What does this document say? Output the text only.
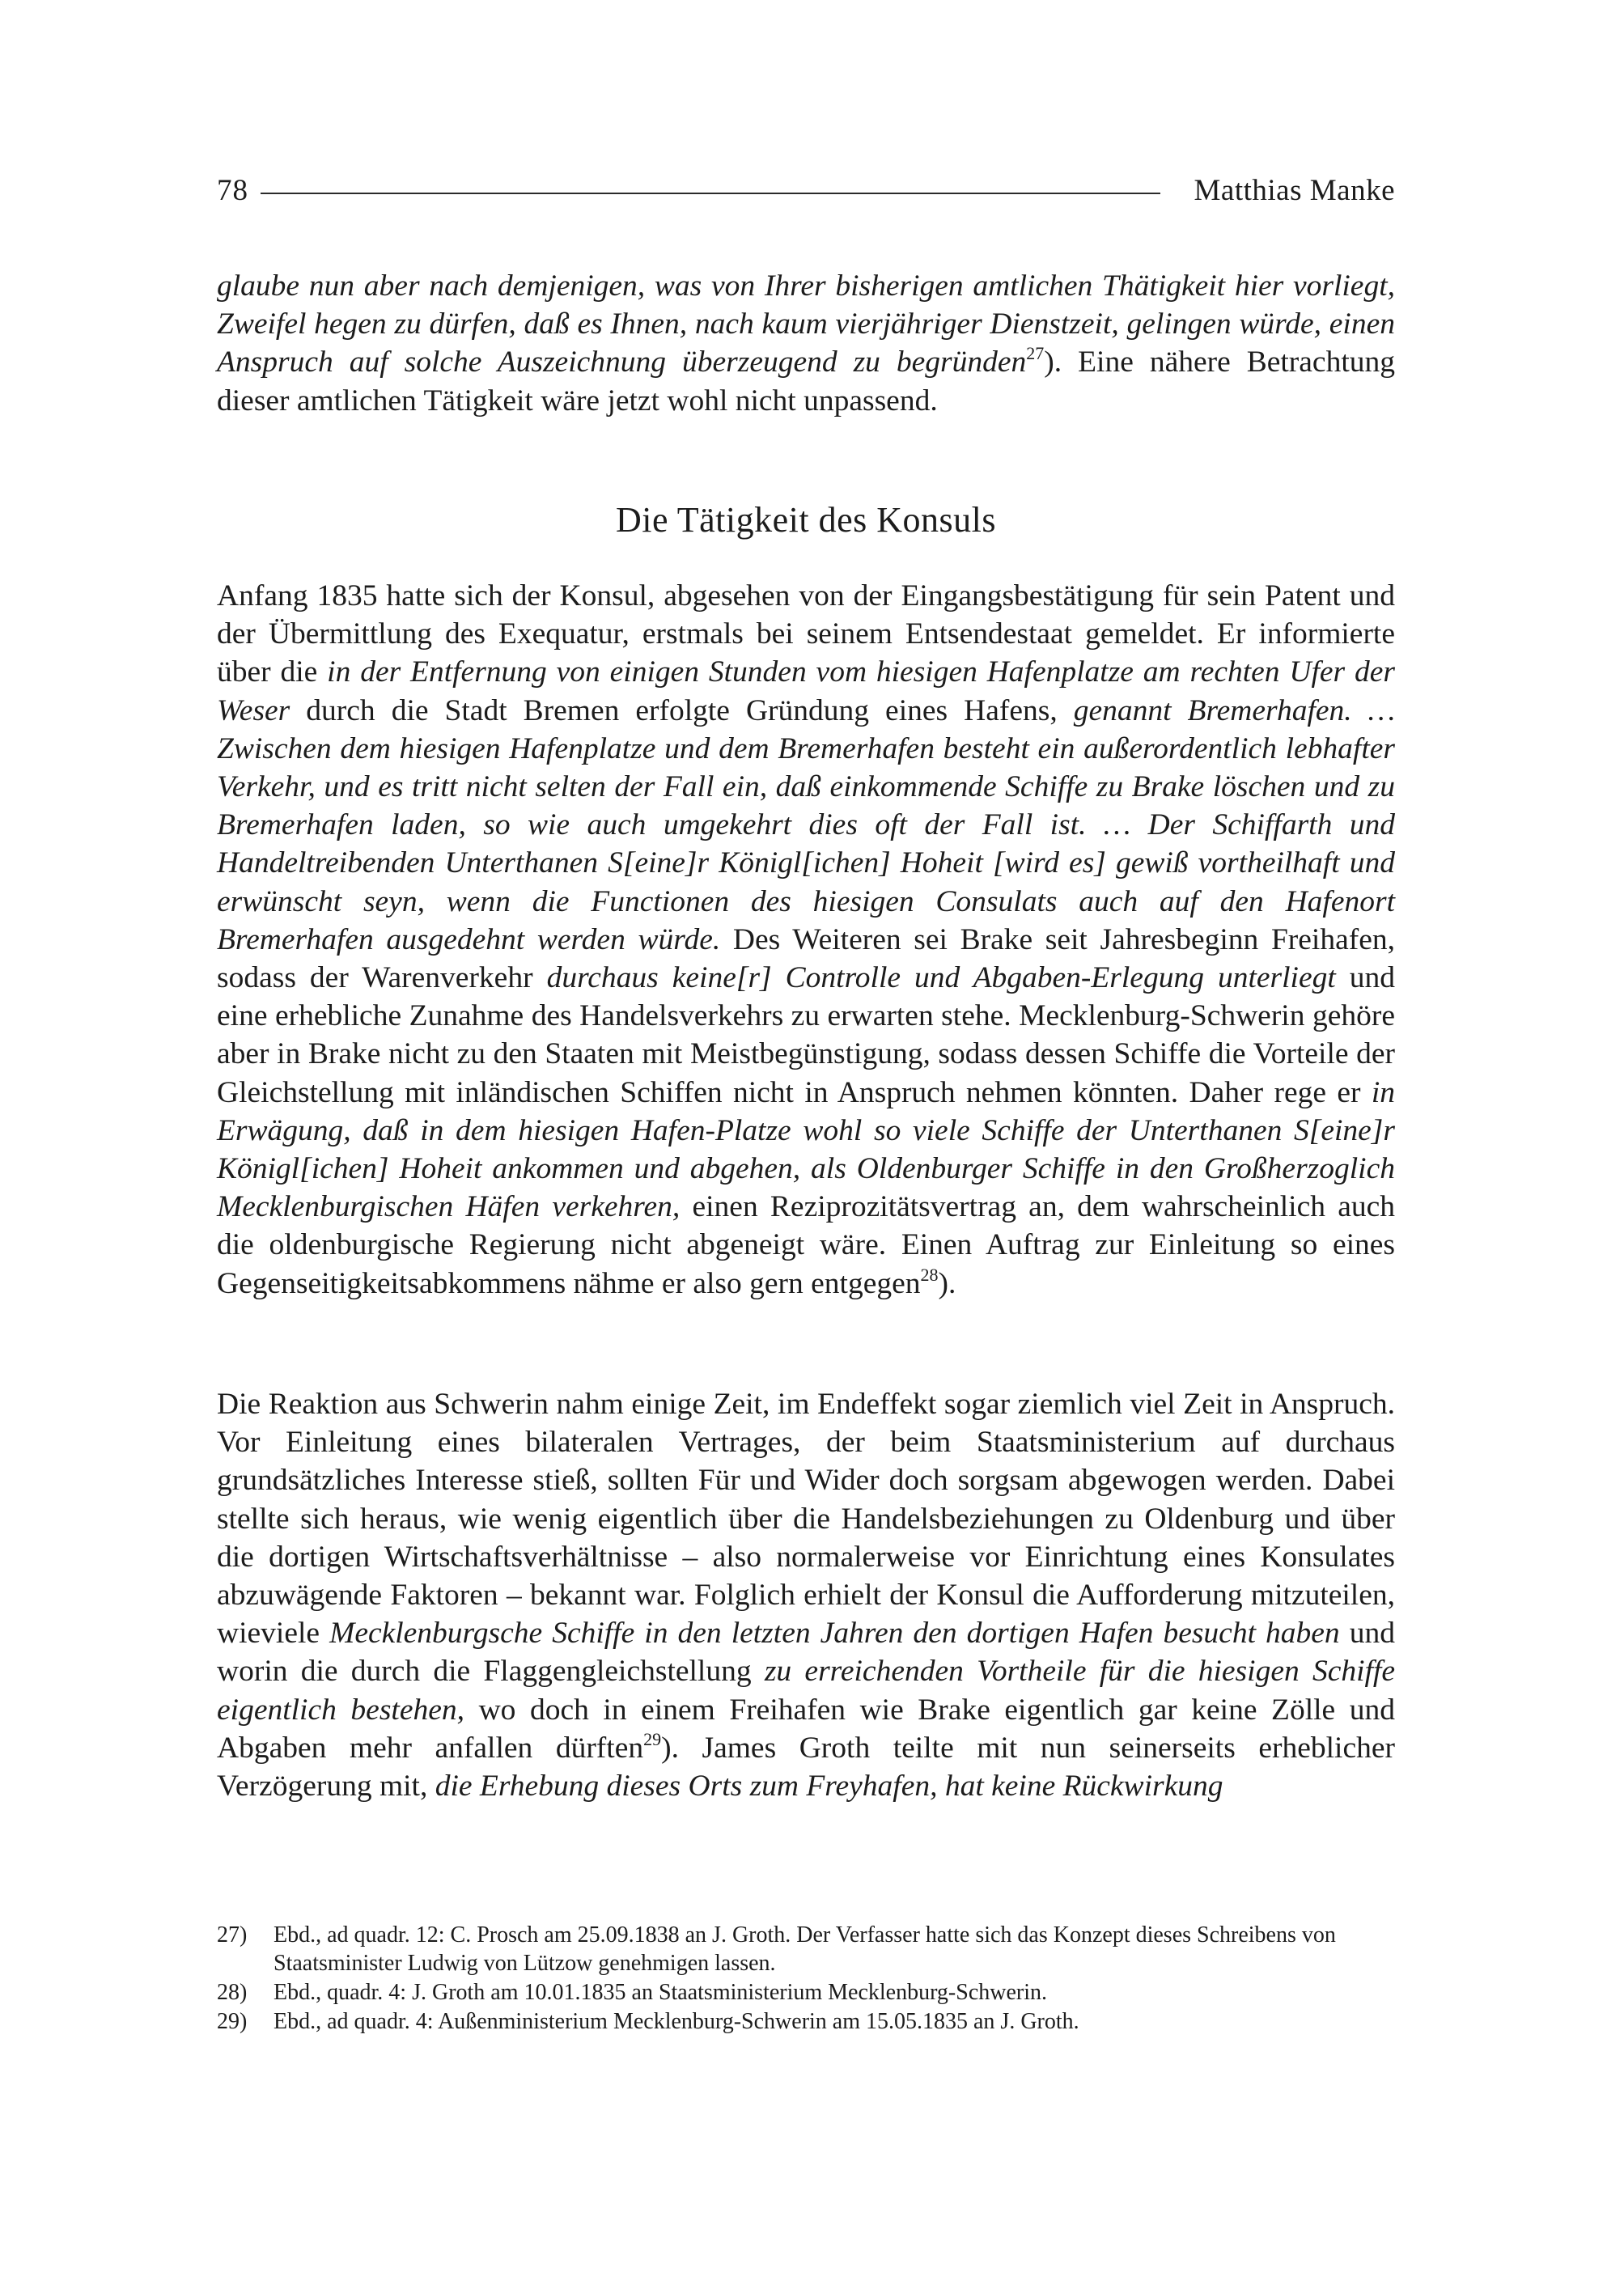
78	Matthias Manke

glaube nun aber nach demjenigen, was von Ihrer bisherigen amtlichen Thätigkeit hier vorliegt, Zweifel hegen zu dürfen, daß es Ihnen, nach kaum vierjähriger Dienstzeit, gelingen würde, einen Anspruch auf solche Auszeichnung überzeugend zu begründen$^{27}$). Eine nähere Betrachtung dieser amtlichen Tätigkeit wäre jetzt wohl nicht unpassend.

Die Tätigkeit des Konsuls

Anfang 1835 hatte sich der Konsul, abgesehen von der Eingangsbestätigung für sein Patent und der Übermittlung des Exequatur, erstmals bei seinem Entsendestaat gemeldet. Er informierte über die in der Entfernung von einigen Stunden vom hiesigen Hafenplatze am rechten Ufer der Weser durch die Stadt Bremen erfolgte Gründung eines Hafens, genannt Bremerhafen. … Zwischen dem hiesigen Hafenplatze und dem Bremerhafen besteht ein außerordentlich lebhafter Verkehr, und es tritt nicht selten der Fall ein, daß einkommende Schiffe zu Brake löschen und zu Bremerhafen laden, so wie auch umgekehrt dies oft der Fall ist. … Der Schiffarth und Handeltreibenden Unterthanen S[eine]r Königl[ichen] Hoheit [wird es] gewiß vortheilhaft und erwünscht seyn, wenn die Functionen des hiesigen Consulats auch auf den Hafenort Bremerhafen ausgedehnt werden würde. Des Weiteren sei Brake seit Jahresbeginn Freihafen, sodass der Warenverkehr durchaus keine[r] Controlle und Abgaben-Erlegung unterliegt und eine erhebliche Zunahme des Handelsverkehrs zu erwarten stehe. Mecklenburg-Schwerin gehöre aber in Brake nicht zu den Staaten mit Meistbegünstigung, sodass dessen Schiffe die Vorteile der Gleichstellung mit inländischen Schiffen nicht in Anspruch nehmen könnten. Daher rege er in Erwägung, daß in dem hiesigen Hafen-Platze wohl so viele Schiffe der Unterthanen S[eine]r Königl[ichen] Hoheit ankommen und abgehen, als Oldenburger Schiffe in den Großherzoglich Mecklenburgischen Häfen verkehren, einen Reziprozitätsvertrag an, dem wahrscheinlich auch die oldenburgische Regierung nicht abgeneigt wäre. Einen Auftrag zur Einleitung so eines Gegenseitigkeitsabkommens nähme er also gern entgegen$^{28}$).

Die Reaktion aus Schwerin nahm einige Zeit, im Endeffekt sogar ziemlich viel Zeit in Anspruch. Vor Einleitung eines bilateralen Vertrages, der beim Staatsministerium auf durchaus grundsätzliches Interesse stieß, sollten Für und Wider doch sorgsam abgewogen werden. Dabei stellte sich heraus, wie wenig eigentlich über die Handelsbeziehungen zu Oldenburg und über die dortigen Wirtschaftsverhältnisse – also normalerweise vor Einrichtung eines Konsulates abzuwägende Faktoren – bekannt war. Folglich erhielt der Konsul die Aufforderung mitzuteilen, wieviele Mecklenburgsche Schiffe in den letzten Jahren den dortigen Hafen besucht haben und worin die durch die Flaggengleichstellung zu erreichenden Vortheile für die hiesigen Schiffe eigentlich bestehen, wo doch in einem Freihafen wie Brake eigentlich gar keine Zölle und Abgaben mehr anfallen dürften$^{29}$). James Groth teilte mit nun seinerseits erheblicher Verzögerung mit, die Erhebung dieses Orts zum Freyhafen, hat keine Rückwirkung

27)	Ebd., ad quadr. 12: C. Prosch am 25.09.1838 an J. Groth. Der Verfasser hatte sich das Konzept dieses Schreibens von Staatsminister Ludwig von Lützow genehmigen lassen.
28)	Ebd., quadr. 4: J. Groth am 10.01.1835 an Staatsministerium Mecklenburg-Schwerin.
29)	Ebd., ad quadr. 4: Außenministerium Mecklenburg-Schwerin am 15.05.1835 an J. Groth.
